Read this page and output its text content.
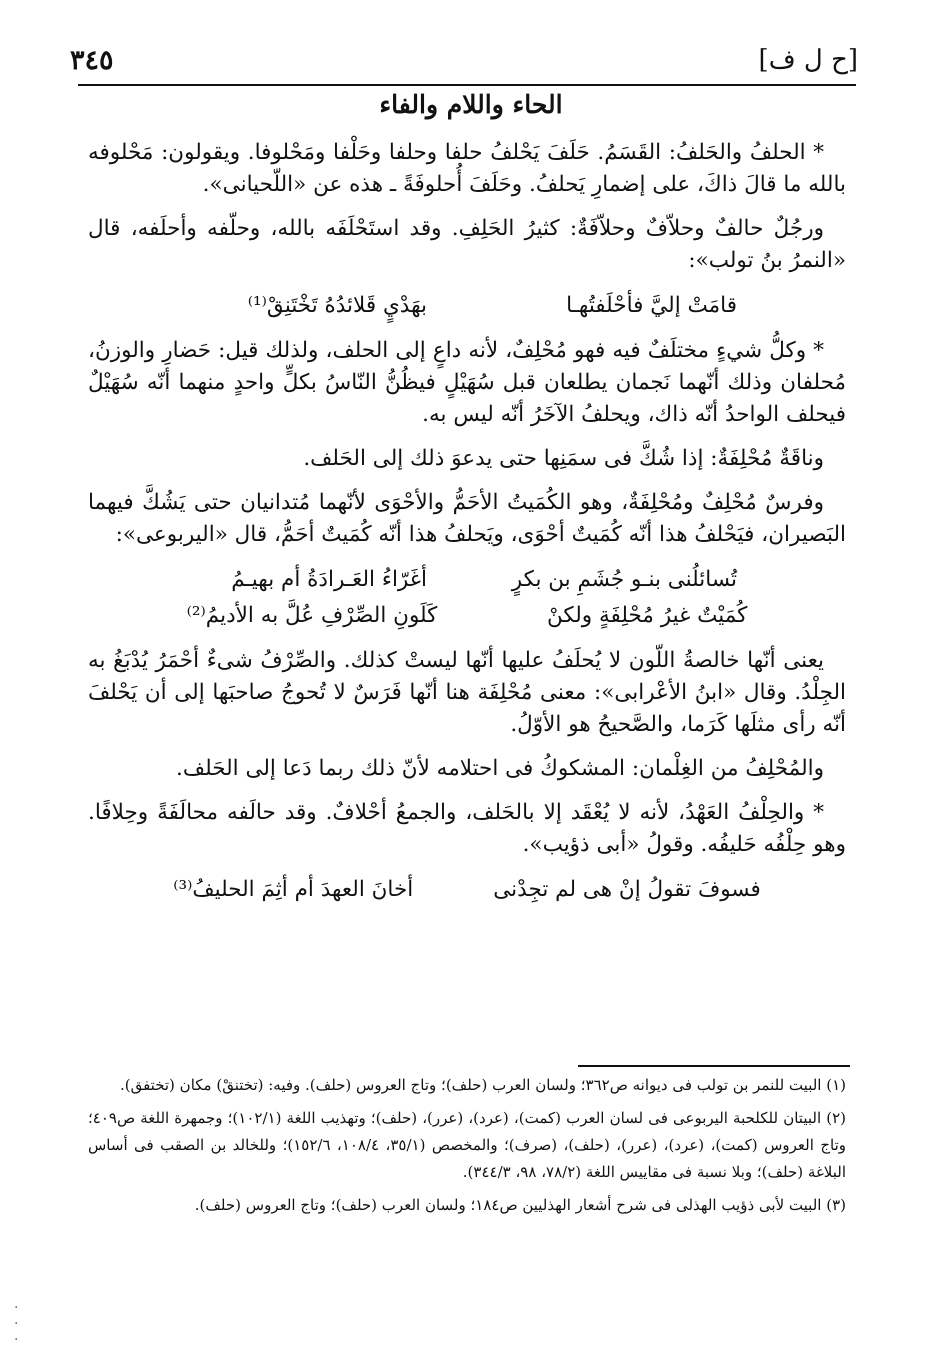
[ح ل ف]
٣٤٥
الحاء واللام والفاء

* الحلفُ والحَلفُ: القَسَمُ. حَلَفَ يَحْلفُ حلفا وحلفا وحَلْفا ومَحْلوفا. ويقولون: مَحْلوفه بالله ما قالَ ذاكَ، على إضمارِ يَحلفُ. وحَلَفَ أُحلوفَةً ـ هذه عن «اللّحيانى».

ورجُلٌ حالفٌ وحلاّفٌ وحلاّفَةٌ: كثيرُ الحَلِفِ. وقد استَحْلَفَه بالله، وحلّفه وأحلَفه، قال «النمرُ بنُ تولب»:

قامَتْ إليَّ فأحْلَفتُهـا
بهَدْيٍ قَلائدُهُ تَخْتَنِقْ⁽¹⁾

* وكلُّ شيءٍ مختلَفٌ فيه فهو مُحْلِفٌ، لأنه داعٍ إلى الحلف، ولذلك قيل: حَضارِ والوزنُ، مُحلفان وذلك أنّهما نَجمان يطلعان قبل سُهَيْلٍ فيظُنُّ النّاسُ بكلٍّ واحدٍ منهما أنّه سُهَيْلٌ فيحلف الواحدُ أنّه ذاك، ويحلفُ الآخَرُ أنّه ليس به.

وناقَةٌ مُحْلِفَةٌ: إذا شُكَّ فى سمَنِها حتى يدعوَ ذلك إلى الحَلف.

وفرسٌ مُحْلِفٌ ومُحْلِفَةٌ، وهو الكُمَيتُ الأحَمُّ والأحْوَى لأنّهما مُتدانيان حتى يَشُكَّ فيهما البَصيران، فيَحْلفُ هذا أنّه كُمَيتٌ أحْوَى، ويَحلفُ هذا أنّه كُمَيتٌ أحَمُّ، قال «اليربوعى»:

تُسائلُنى بنـو جُشَمِ بن بكرٍ
أغَرّاءُ العَـرادَةُ أم بهيـمُ
كُمَيْتٌ غيرُ مُحْلِفَةٍ ولكنْ
كَلَونِ الصِّرْفِ عُلَّ به الأديمُ⁽²⁾

يعنى أنّها خالصةُ اللّون لا يُحلَفُ عليها أنّها ليستْ كذلك. والصِّرْفُ شىءٌ أحْمَرُ يُدْبَغُ به الجِلْدُ. وقال «ابنُ الأعْرابى»: معنى مُحْلِفَة هنا أنّها فَرَسٌ لا تُحوجُ صاحبَها إلى أن يَحْلفَ أنّه رأى مثلَها كَرَما، والصَّحيحُ هو الأوّلُ.

والمُحْلِفُ من الغِلْمان: المشكوكُ فى احتلامه لأنّ ذلك ربما دَعا إلى الحَلف.

* والحِلْفُ العَهْدُ، لأنه لا يُعْقَد إلا بالحَلف، والجمعُ أحْلافٌ. وقد حالَفه محالَفَةً وحِلافًا. وهو حِلْفُه حَليفُه. وقولُ «أبى ذؤيب».

فسوفَ تقولُ إنْ هى لم تجِدْنى
أخانَ العهدَ أم أثِمَ الحليفُ⁽³⁾

(١) البيت للنمر بن تولب فى ديوانه ص٣٦٢؛ ولسان العرب (حلف)؛ وتاج العروس (حلف). وفيه: (تختنقْ) مكان (تختفق).

(٢) البيتان للكلحبة اليربوعى فى لسان العرب (كمت)، (عرد)، (عرر)، (حلف)؛ وتهذيب اللغة (١٠٢/١)؛ وجمهرة اللغة ص٤٠٩؛ وتاج العروس (كمت)، (عرد)، (عرر)، (حلف)، (صرف)؛ والمخصص (٣٥/١، ١٠٨/٤، ١٥٢/٦)؛ وللخالد بن الصقب فى أساس البلاغة (حلف)؛ وبلا نسبة فى مقاييس اللغة (٧٨/٢، ٩٨، ٣٤٤/٣).

(٣) البيت لأبى ذؤيب الهذلى فى شرح أشعار الهذليين ص١٨٤؛ ولسان العرب (حلف)؛ وتاج العروس (حلف).

·
·
·
